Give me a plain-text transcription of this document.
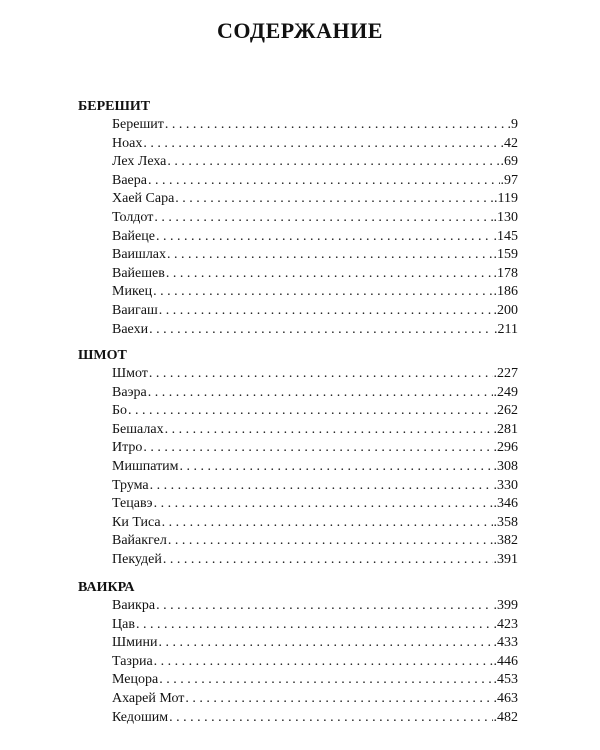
СОДЕРЖАНИЕ
БЕРЕШИТ
Берешит . . .	.9
Ноах . . .	.42
Лех Леха . . .	.69
Ваера . . .	.97
Хаей Сара . . .	.119
Толдот . . .	.130
Вайеце . . .	.145
Ваишлах . . .	.159
Вайешев . . .	.178
Микец . . .	.186
Ваигаш . . .	.200
Ваехи . . .	.211
ШМОТ
Шмот . . .	.227
Ваэра . . .	.249
Бо . . .	.262
Бешалах . . .	.281
Итро . . .	.296
Мишпатим . . .	.308
Трума . . .	.330
Тецавэ . . .	.346
Ки Тиса . . .	.358
Вайакгел . . .	.382
Пекудей . . .	.391
ВАИКРА
Ваикра . . .	.399
Цав . . .	.423
Шмини . . .	.433
Тазриа . . .	.446
Мецора . . .	.453
Ахарей Мот . . .	.463
Кедошим . . .	.482
